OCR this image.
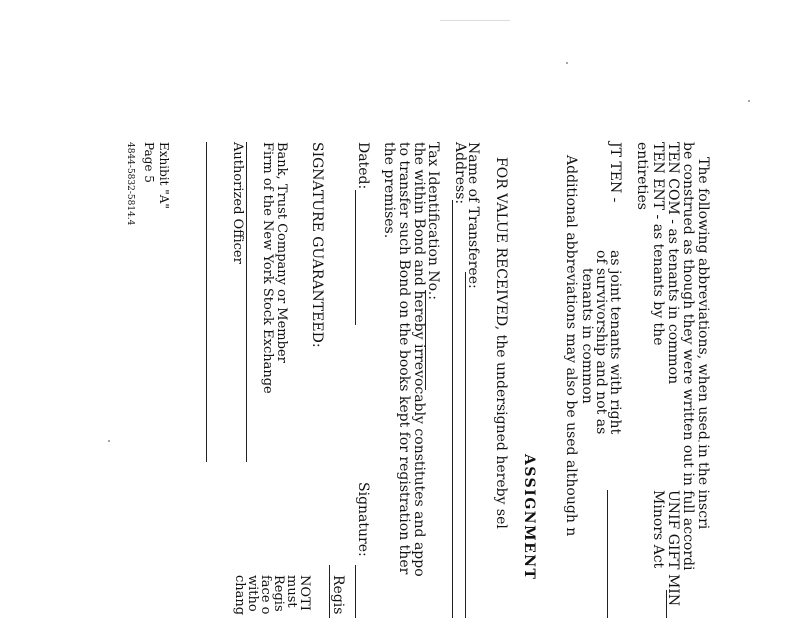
The following abbreviations, when used in the inscri
be construed as though they were written out in full accordi
TEN COM - as tenants in common
UNIF GIFT MIN
TEN ENT - as tenants by the
Minors Act
entireties
JT TEN -
as joint tenants with right
of survivorship and not as
tenants in common
Additional abbreviations may also be used although n
ASSIGNMENT
FOR VALUE RECEIVED, the undersigned hereby sel
Name of Transferee:
Address:
Tax Identification No.:
the within Bond and hereby irrevocably constitutes and appo
to transfer such Bond on the books kept for registration ther
the premises.
Dated:
Signature:
Regis
NOTI
must
Regis
face o
witho
chang
SIGNATURE GUARANTEED:
Bank, Trust Company or Member
Firm of the New York Stock Exchange
Authorized Officer
Exhibit "A"
Page 5
4844-5832-5814.4
